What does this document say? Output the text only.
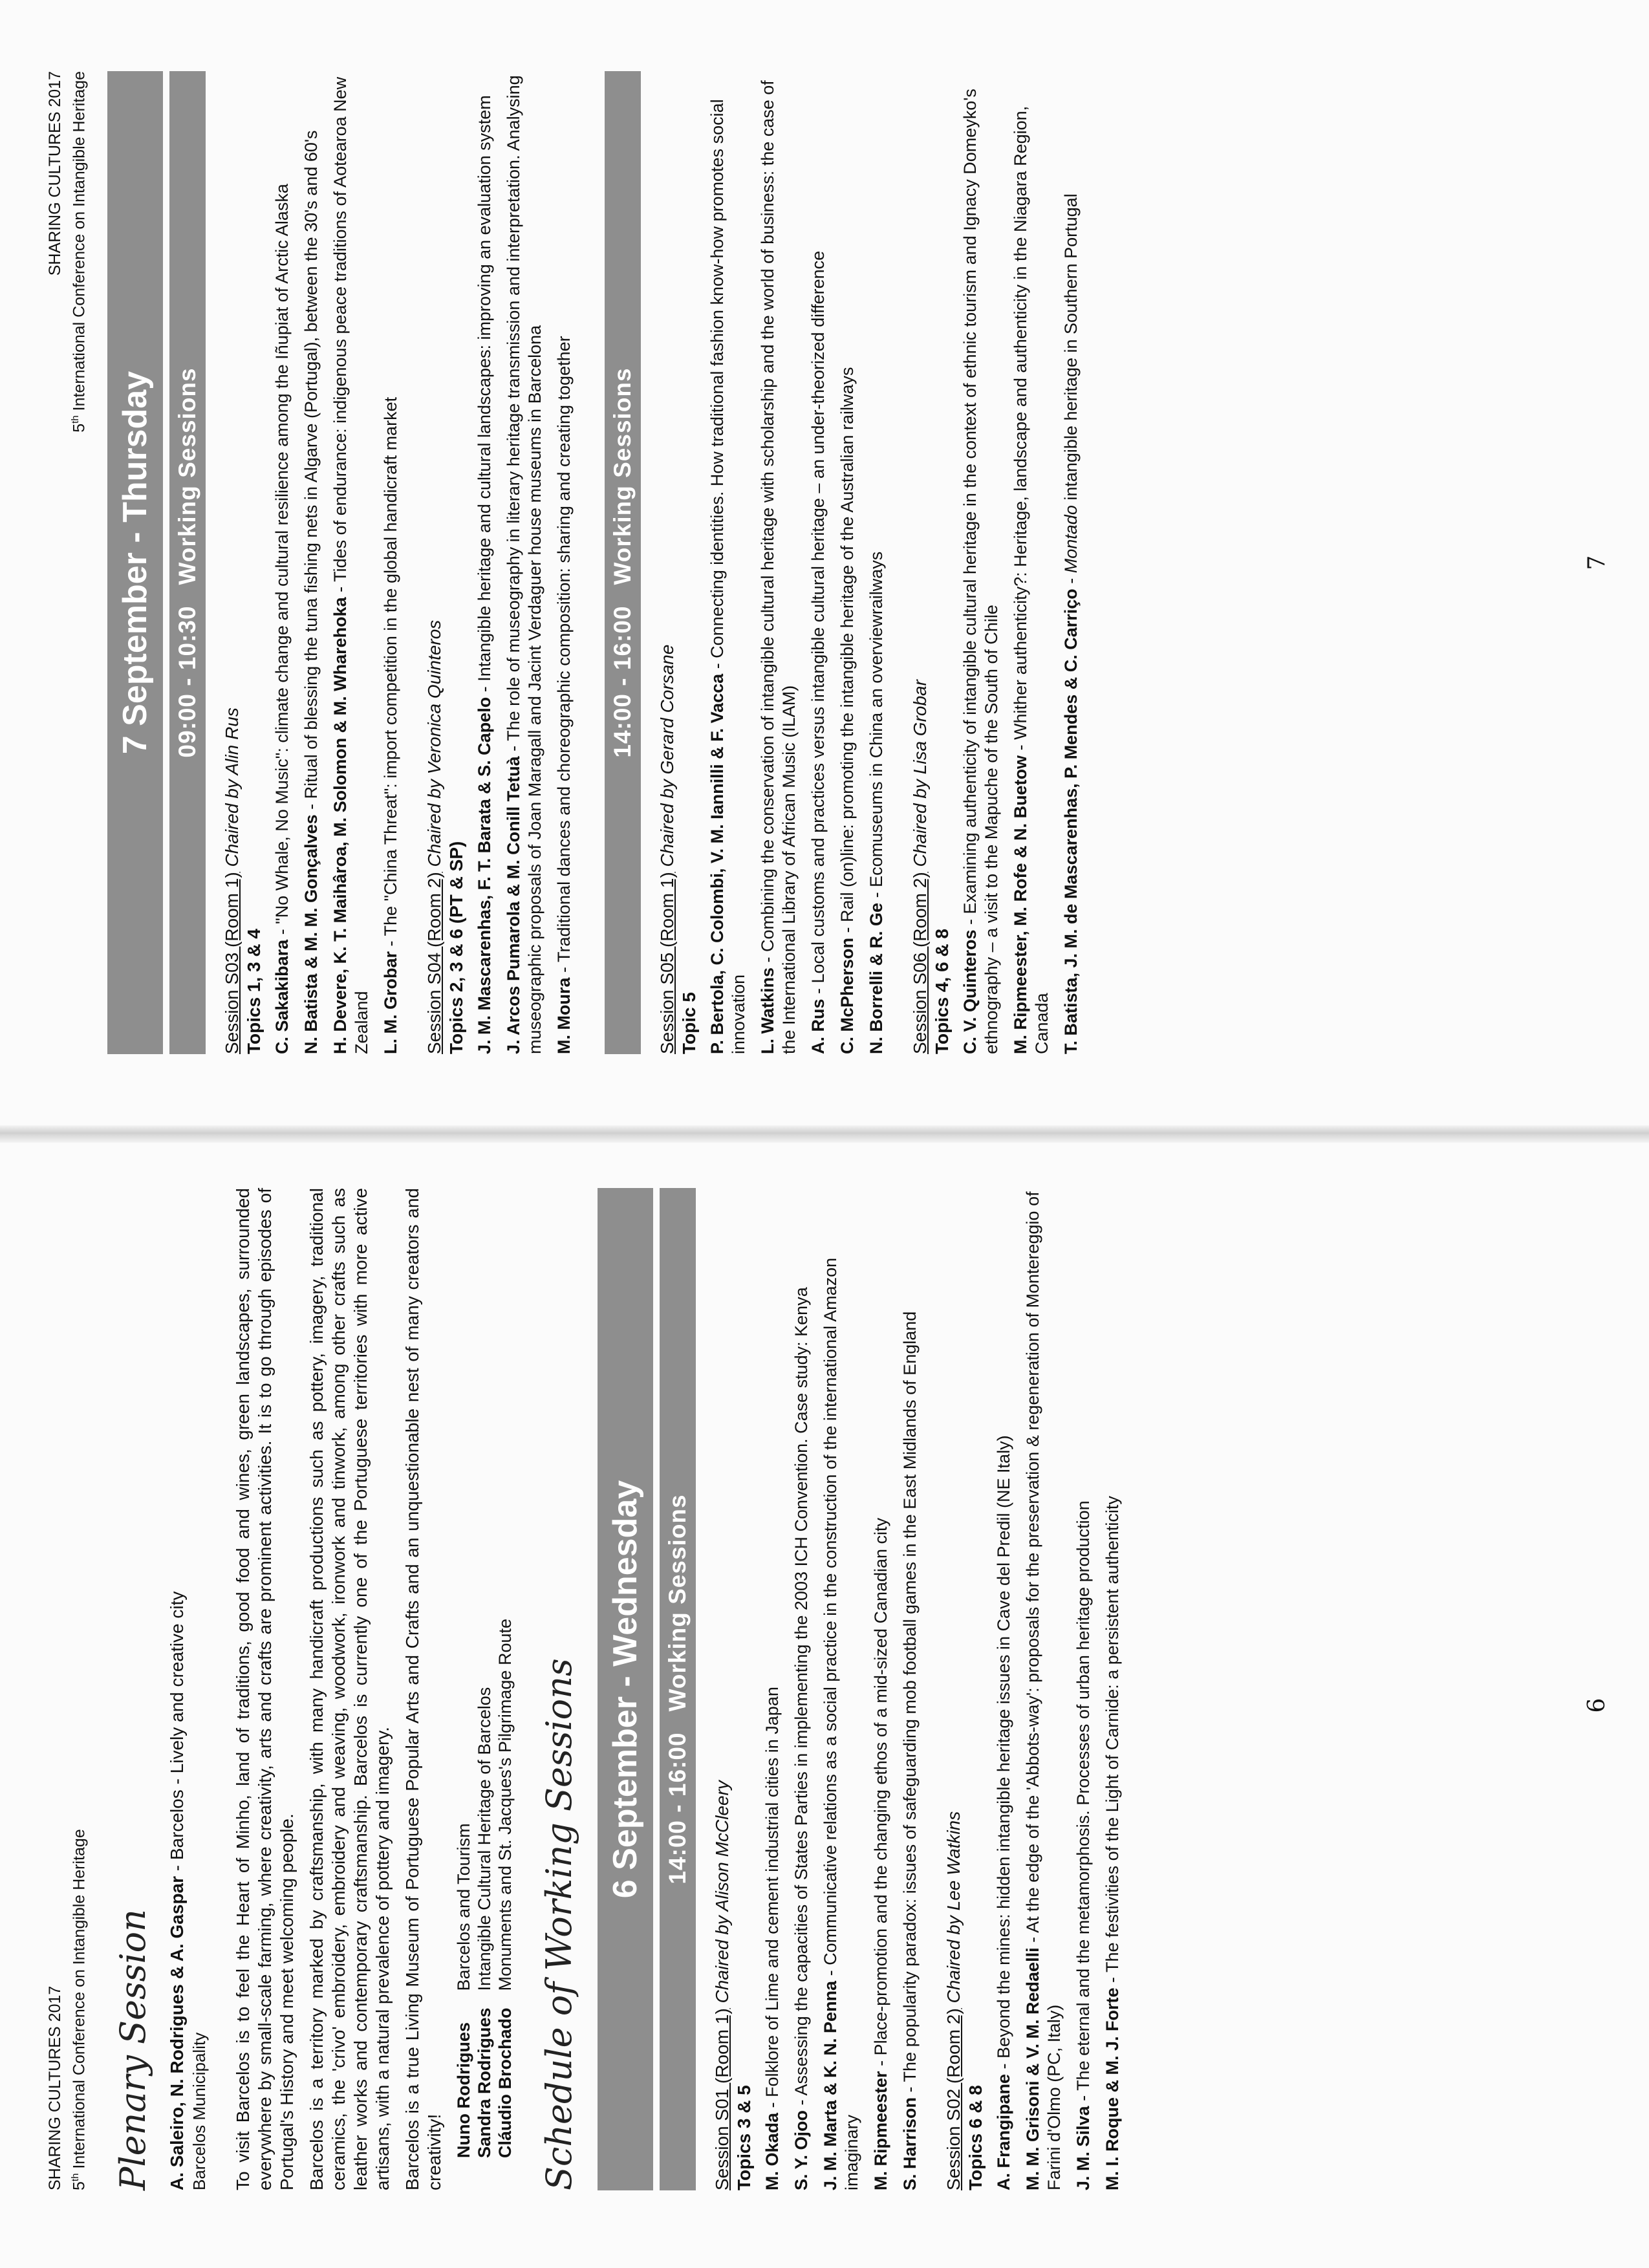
SHARING CULTURES 2017 5th International Conference on Intangible Heritage Plenary Session A. Saleiro, N. Rodrigues & A. Gaspar - Barcelos - Lively and creative city
Barcelos Municipality To visit Barcelos is to feel the Heart of Minho, land of traditions, good food and wines, green landscapes, surrounded everywhere by small-scale farming, where creativity, arts and crafts are prominent activities. It is to go through episodes of Portugal's History and meet welcoming people. Barcelos is a territory marked by craftsmanship, with many handicraft productions such as pottery, imagery, traditional ceramics, the 'crivo' embroidery, embroidery and weaving, woodwork, ironwork and tinwork, among other crafts such as leather works and contemporary craftsmanship. Barcelos is currently one of the Portuguese territories with more active artisans, with a natural prevalence of pottery and imagery. Barcelos is a true Living Museum of Portuguese Popular Arts and Crafts and an unquestionable nest of many creators and creativity! Nuno Rodrigues	Barcelos and Tourism
Sandra Rodrigues	Intangible Cultural Heritage of Barcelos
Cláudio Brochado	Monuments and St. Jacques's Pilgrimage Route Schedule of Working Sessions 6 September - Wednesday 14:00 - 16:00Working Sessions
Session S01 (Room 1) Chaired by Alison McCleery
Topics 3 & 5 M. Okada - Folklore of Lime and cement industrial cities in Japan
S. Y. Ojoo - Assessing the capacities of States Parties in implementing the 2003 ICH Convention. Case study: Kenya J. M. Marta & K. N. Penna - Communicative relations as a social practice in the construction of the international Amazon imaginary M. Ripmeester - Place-promotion and the changing ethos of a mid-sized Canadian city
S. Harrison - The popularity paradox: issues of safeguarding mob football games in the East Midlands of England
Session S02 (Room 2) Chaired by Lee Watkins
Topics 6 & 8 A. Frangipane - Beyond the mines: hidden intangible heritage issues in Cave del Predil (NE Italy) M. M. Grisoni & V. M. Redaelli - At the edge of the 'Abbots-way': proposals for the preservation & regeneration of Montereggio of Farini d'Olmo (PC, Italy) J. M. Silva - The eternal and the metamorphosis. Processes of urban heritage production M. I. Roque & M. J. Forte - The festivities of the Light of Carnide: a persistent authenticity	6
SHARING CULTURES 2017
5th International Conference on Intangible Heritage
7 September - Thursday 09:00 - 10:30Working Sessions
Session S03 (Room 1) Chaired by Alin Rus
Topics 1, 3 & 4 C. Sakakibara - "No Whale, No Music": climate change and cultural resilience among the Iñupiat of Arctic Alaska N. Batista & M. M. Gonçalves - Ritual of blessing the tuna fishing nets in Algarve (Portugal), between the 30's and 60's
H. Devere, K. T. Maihâroa, M. Solomon & M. Wharehoka - Tides of endurance: indigenous peace traditions of Aotearoa New Zealand L. M. Grobar - The "China Threat": import competition in the global handicraft market
Session S04 (Room 2) Chaired by Veronica Quinteros
Topics 2, 3 & 6 (PT & SP) J. M. Mascarenhas, F. T. Barata & S. Capelo - Intangible heritage and cultural landscapes: improving an evaluation system
J. Arcos Pumarola & M. Conill Tetuà - The role of museography in literary heritage transmission and interpretation. Analysing museographic proposals of Joan Maragall and Jacint Verdaguer house museums in Barcelona M. Moura - Traditional dances and choreographic composition: sharing and creating together 14:00 - 16:00Working Sessions
Session S05 (Room 1) Chaired by Gerard Corsane
Topic 5 P. Bertola, C. Colombi, V. M. Iannilli & F. Vacca - Connecting identities. How traditional fashion know-how promotes social innovation L. Watkins - Combining the conservation of intangible cultural heritage with scholarship and the world of business: the case of the International Library of African Music (ILAM) A. Rus - Local customs and practices versus intangible cultural heritage – an under-theorized difference C. McPherson - Rail (on)line: promoting the intangible heritage of the Australian railways
N. Borrelli & R. Ge - Ecomuseums in China an overviewrailways
Session S06 (Room 2) Chaired by Lisa Grobar
Topics 4, 6 & 8 C. V. Quinteros - Examining authenticity of intangible cultural heritage in the context of ethnic tourism and Ignacy Domeyko's ethnography – a visit to the Mapuche of the South of Chile M. Ripmeester, M. Rofe & N. Buetow - Whither authenticity?: Heritage, landscape and authenticity in the Niagara Region, Canada T. Batista, J. M. de Mascarenhas, P. Mendes & C. Carriço - Montado intangible heritage in Southern Portugal
7
